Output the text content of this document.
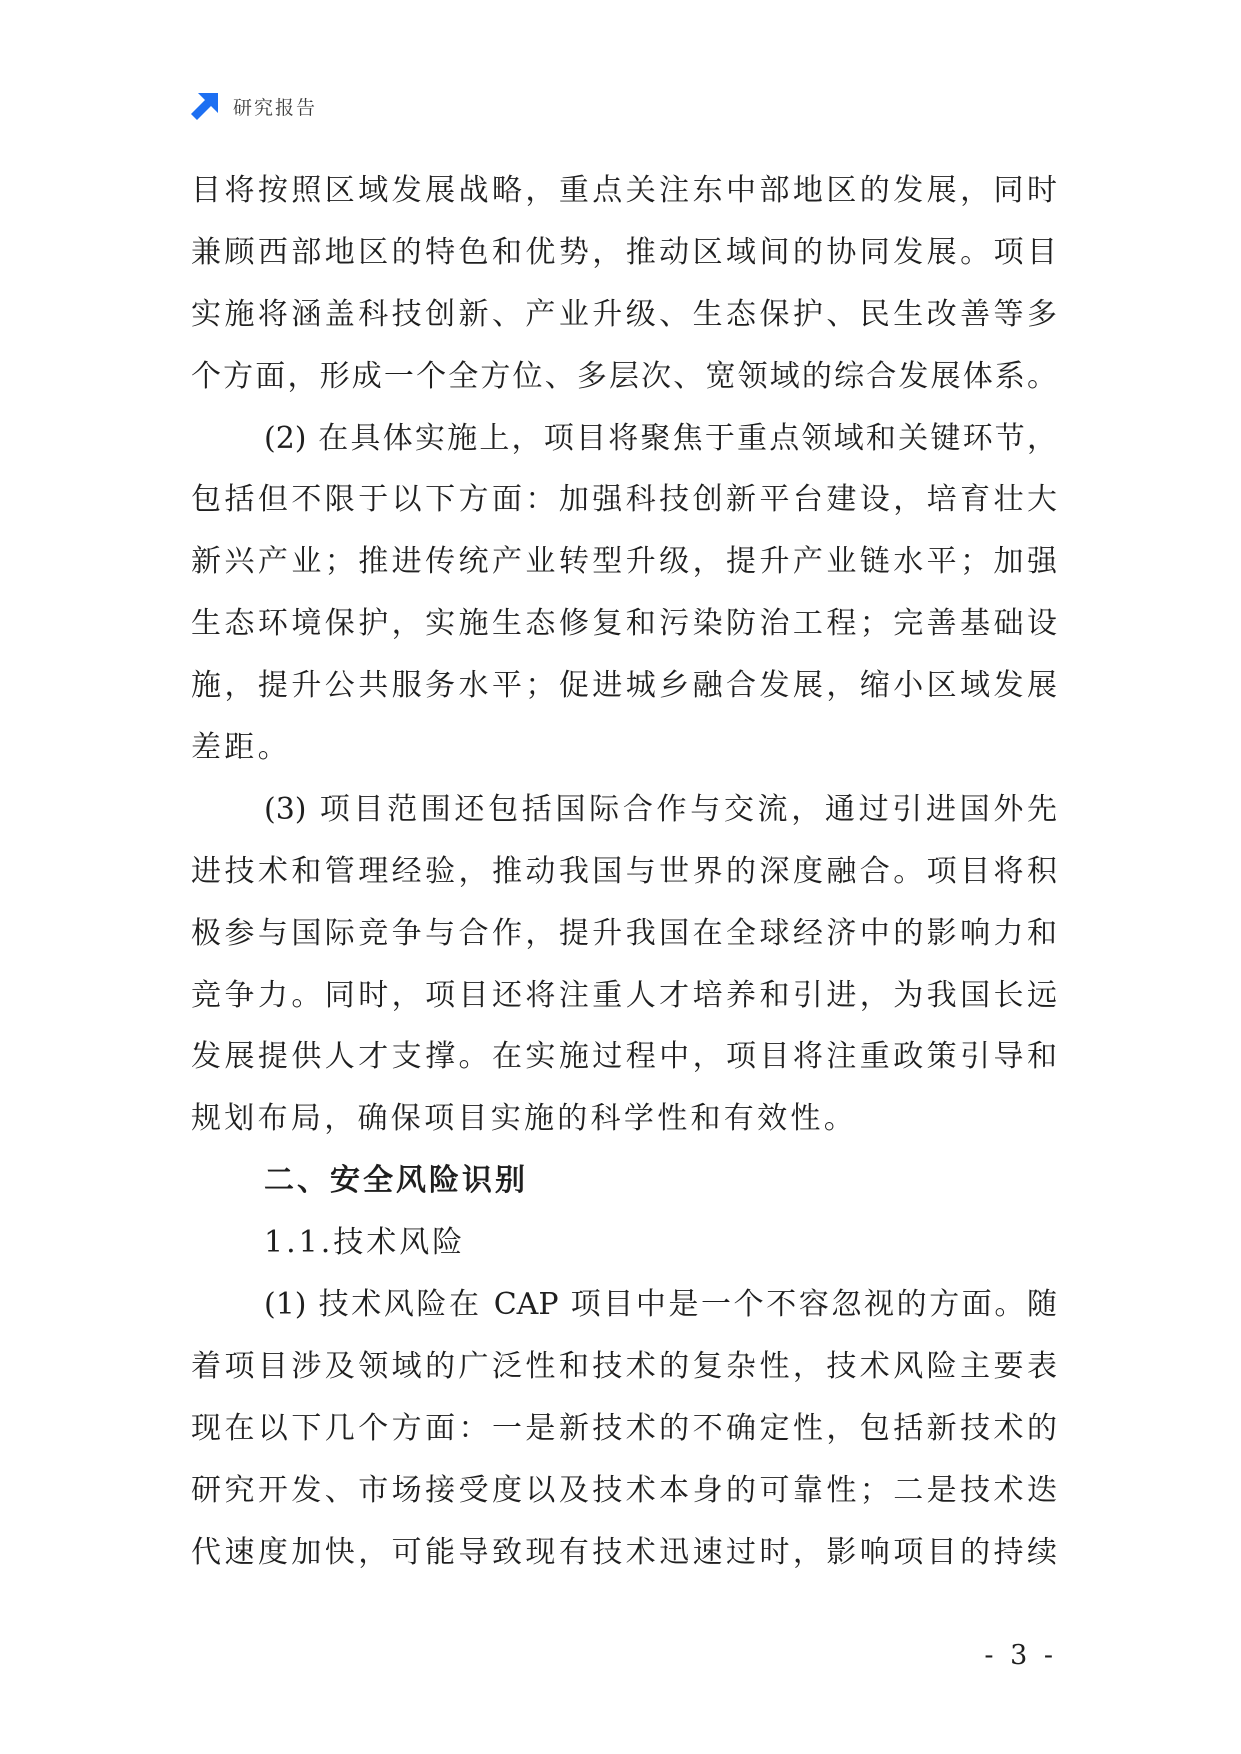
研究报告
目将按照区域发展战略，重点关注东中部地区的发展，同时
兼顾西部地区的特色和优势，推动区域间的协同发展。项目
实施将涵盖科技创新、产业升级、生态保护、民生改善等多
个方面，形成一个全方位、多层次、宽领域的综合发展体系。
(2) 在具体实施上，项目将聚焦于重点领域和关键环节，
包括但不限于以下方面：加强科技创新平台建设，培育壮大
新兴产业；推进传统产业转型升级，提升产业链水平；加强
生态环境保护，实施生态修复和污染防治工程；完善基础设
施，提升公共服务水平；促进城乡融合发展，缩小区域发展
差距。
(3) 项目范围还包括国际合作与交流，通过引进国外先
进技术和管理经验，推动我国与世界的深度融合。项目将积
极参与国际竞争与合作，提升我国在全球经济中的影响力和
竞争力。同时，项目还将注重人才培养和引进，为我国长远
发展提供人才支撑。在实施过程中，项目将注重政策引导和
规划布局，确保项目实施的科学性和有效性。
二、安全风险识别
1.1.技术风险
(1) 技术风险在 CAP 项目中是一个不容忽视的方面。随
着项目涉及领域的广泛性和技术的复杂性，技术风险主要表
现在以下几个方面：一是新技术的不确定性，包括新技术的
研究开发、市场接受度以及技术本身的可靠性；二是技术迭
代速度加快，可能导致现有技术迅速过时，影响项目的持续
- 3 -
